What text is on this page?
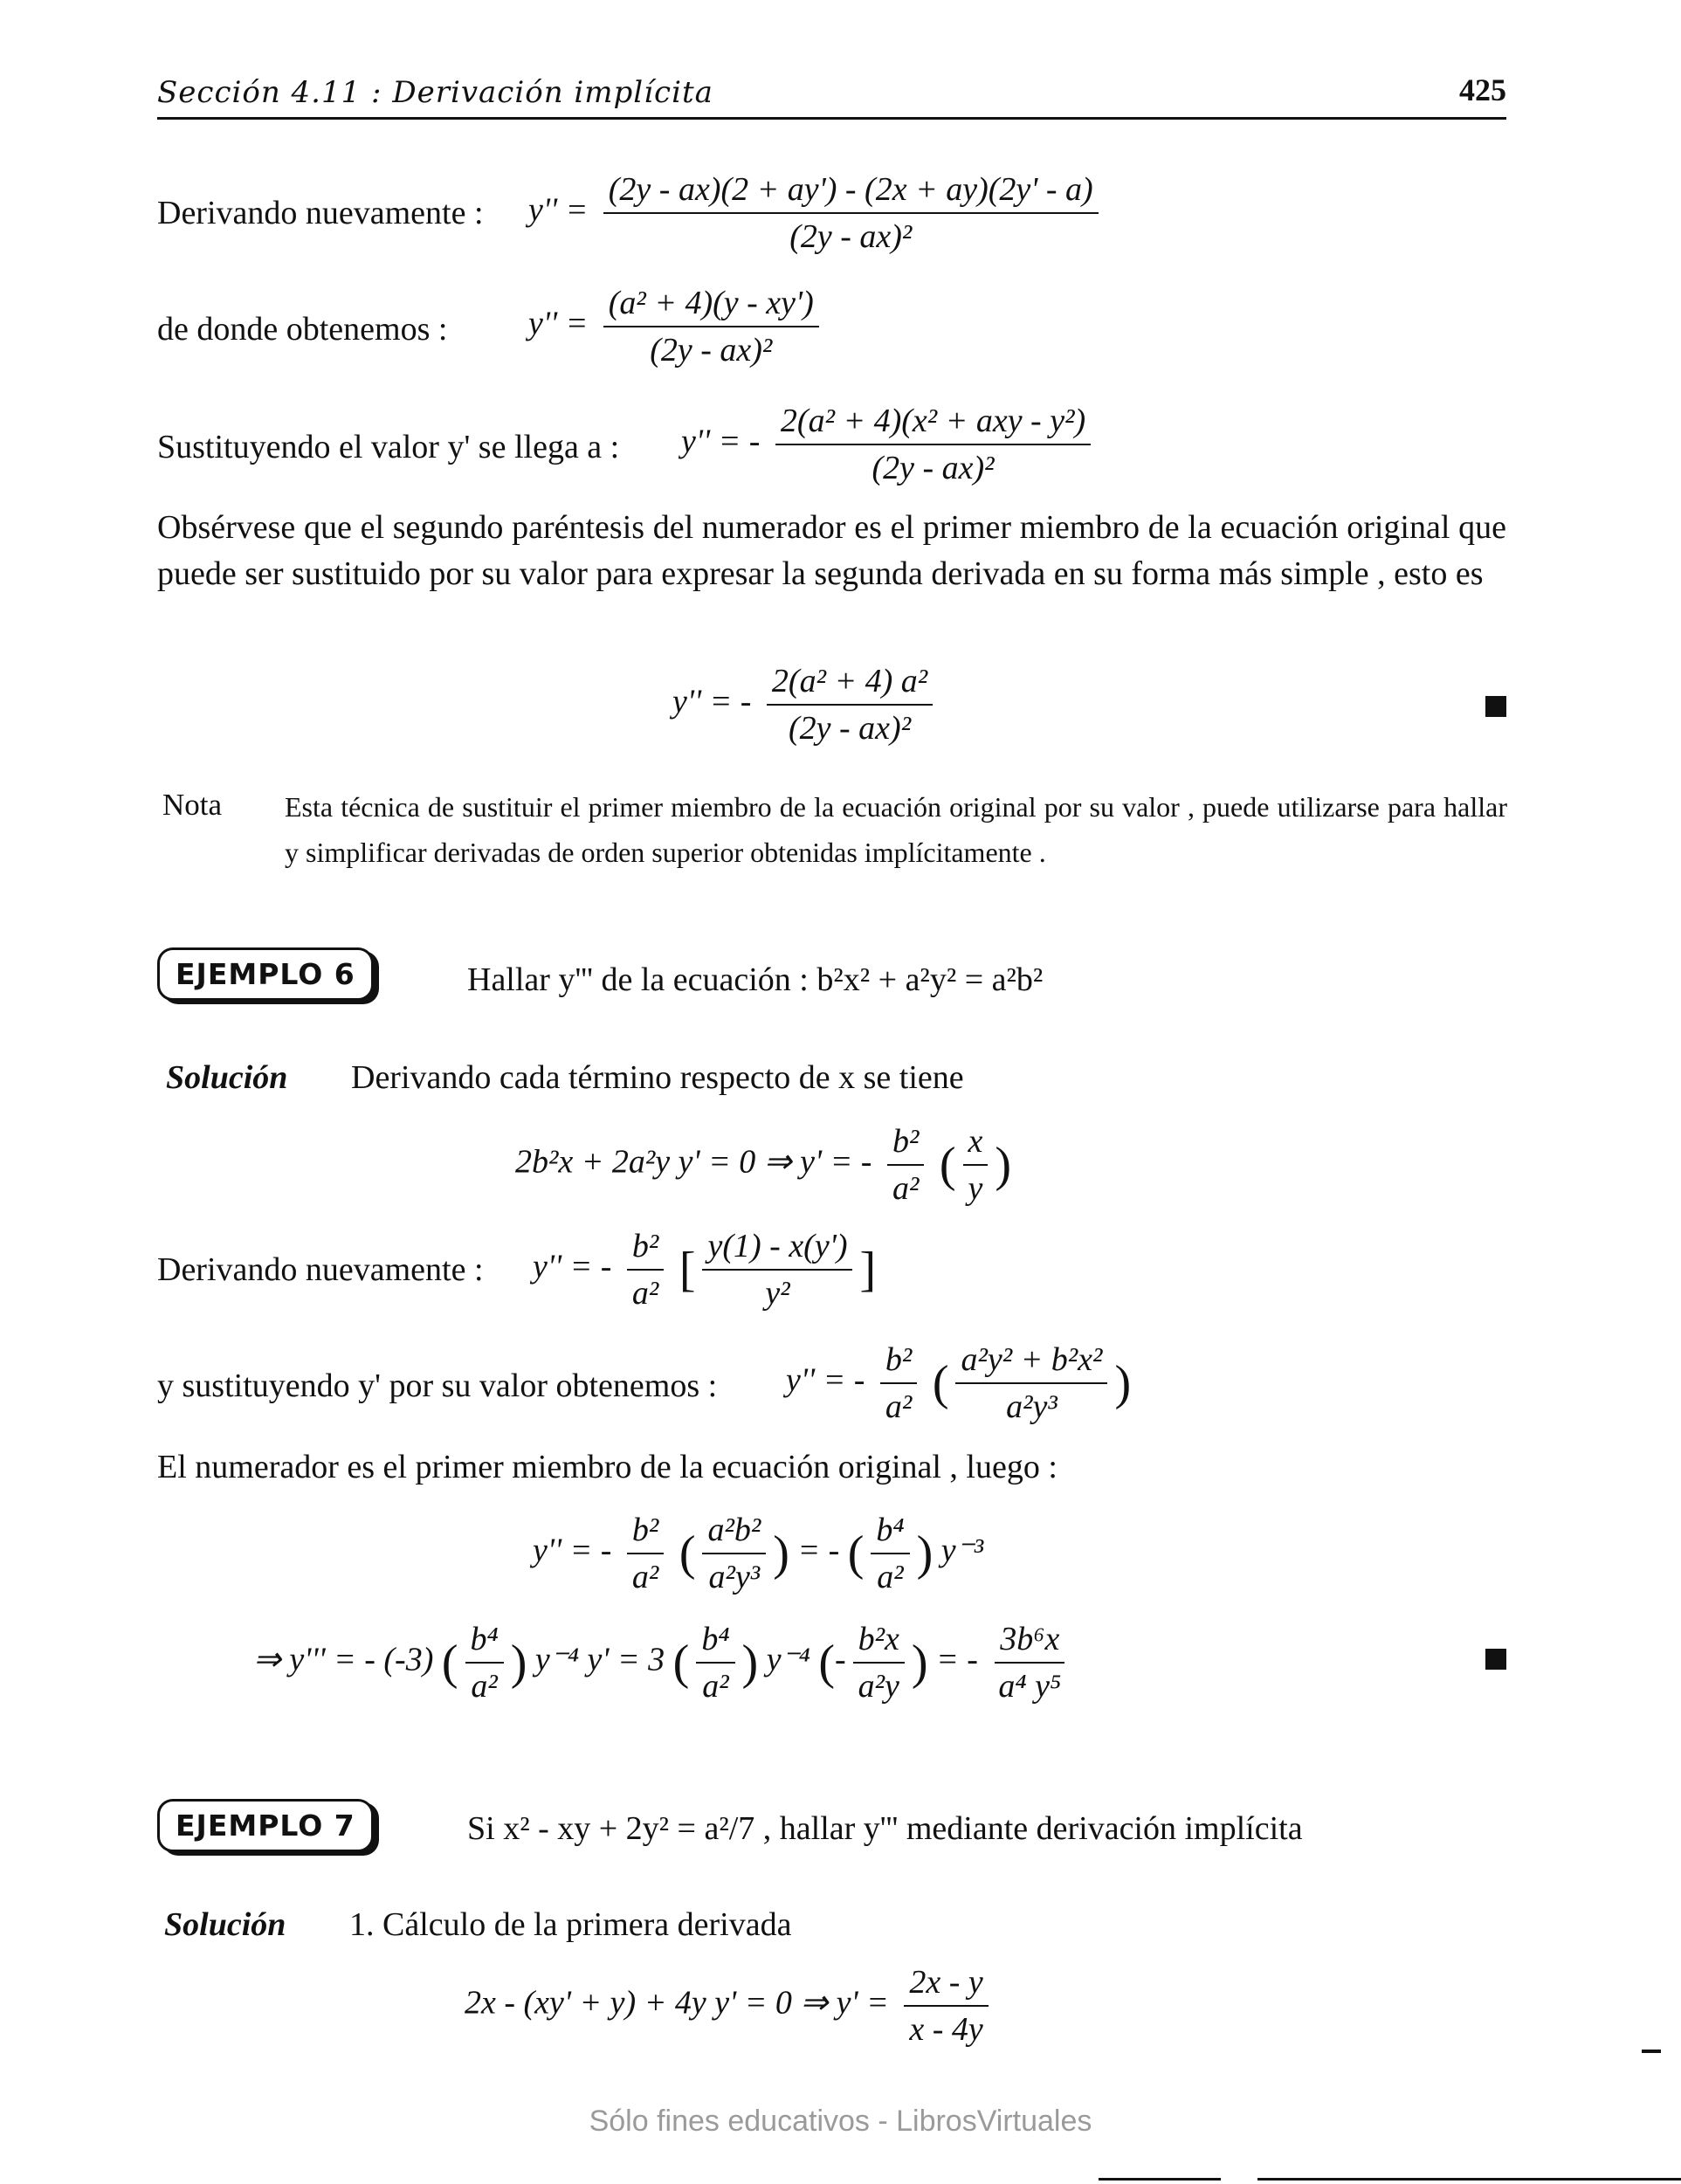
Sección 4.11 : Derivación implícita	425
Derivando nuevamente : $y'' = \frac{(2y - ax)(2 + ay') - (2x + ay)(2y' - a)}{\text{(2y - ax)²}}$
de donde obtenemos : $y'' = \frac{\text{(a² + 4)(y - xy')}}{\text{(2y - ax)²}}$
Sustituyendo el valor y' se llega a : y'' = - $\frac{\text{2(a² + 4)(x² + axy - y²)}}{\text{(2y - ax)²}}$
Obsérvese que el segundo paréntesis del numerador es el primer miembro de la ecuación original que puede ser sustituido por su valor para expresar la segunda derivada en su forma más simple , esto es
y'' = - $\frac{\text{2(a² + 4) a²}}{\text{(2y - ax)²}}$
Nota Esta técnica de sustituir el primer miembro de la ecuación original por su valor , puede utilizarse para hallar y simplificar derivadas de orden superior obtenidas implícitamente .
EJEMPLO 6	Hallar y''' de la ecuación : b²x² + a²y² = a²b²
Solución Derivando cada término respecto de x se tiene
2b²x + 2a²y y' = 0 ⇒ y' = - $\frac{\text{b²}}{\text{a²}}$ ( $\frac{x}{y}$ )
Derivando nuevamente : y'' = - $\frac{\text{b²}}{\text{a²}}$ [ $\frac{y(1) - x(y')}{\text{y²}}$ ]
y sustituyendo y' por su valor obtenemos : y'' = - $\frac{\text{b²}}{\text{a²}}$ ( $\frac{\text{a²y² + b²x²}}{\text{a²y³}}$ )
El numerador es el primer miembro de la ecuación original , luego :
y'' = - $\frac{\text{b²}}{\text{a²}}$ ( $\frac{\text{a²b²}}{\text{a²y³}}$ ) = - ( $\frac{\text{b⁴}}{\text{a²}}$ ) y⁻³
⇒ y''' = - (-3) ( $\frac{\text{b⁴}}{\text{a²}}$ ) y⁻⁴ y' = 3 ( $\frac{\text{b⁴}}{\text{a²}}$ ) y⁻⁴ (- $\frac{\text{b²x}}{\text{a²y}}$ ) = - $\frac{\text{3b⁶x}}{\text{a⁴ y⁵}}$
EJEMPLO 7	Si x² - xy + 2y² = a²/7 , hallar y''' mediante derivación implícita
Solución 1. Cálculo de la primera derivada
2x - (xy' + y) + 4y y' = 0 ⇒ $y' = \frac{2x - y}{x - 4y}$
Sólo fines educativos - LibrosVirtuales
